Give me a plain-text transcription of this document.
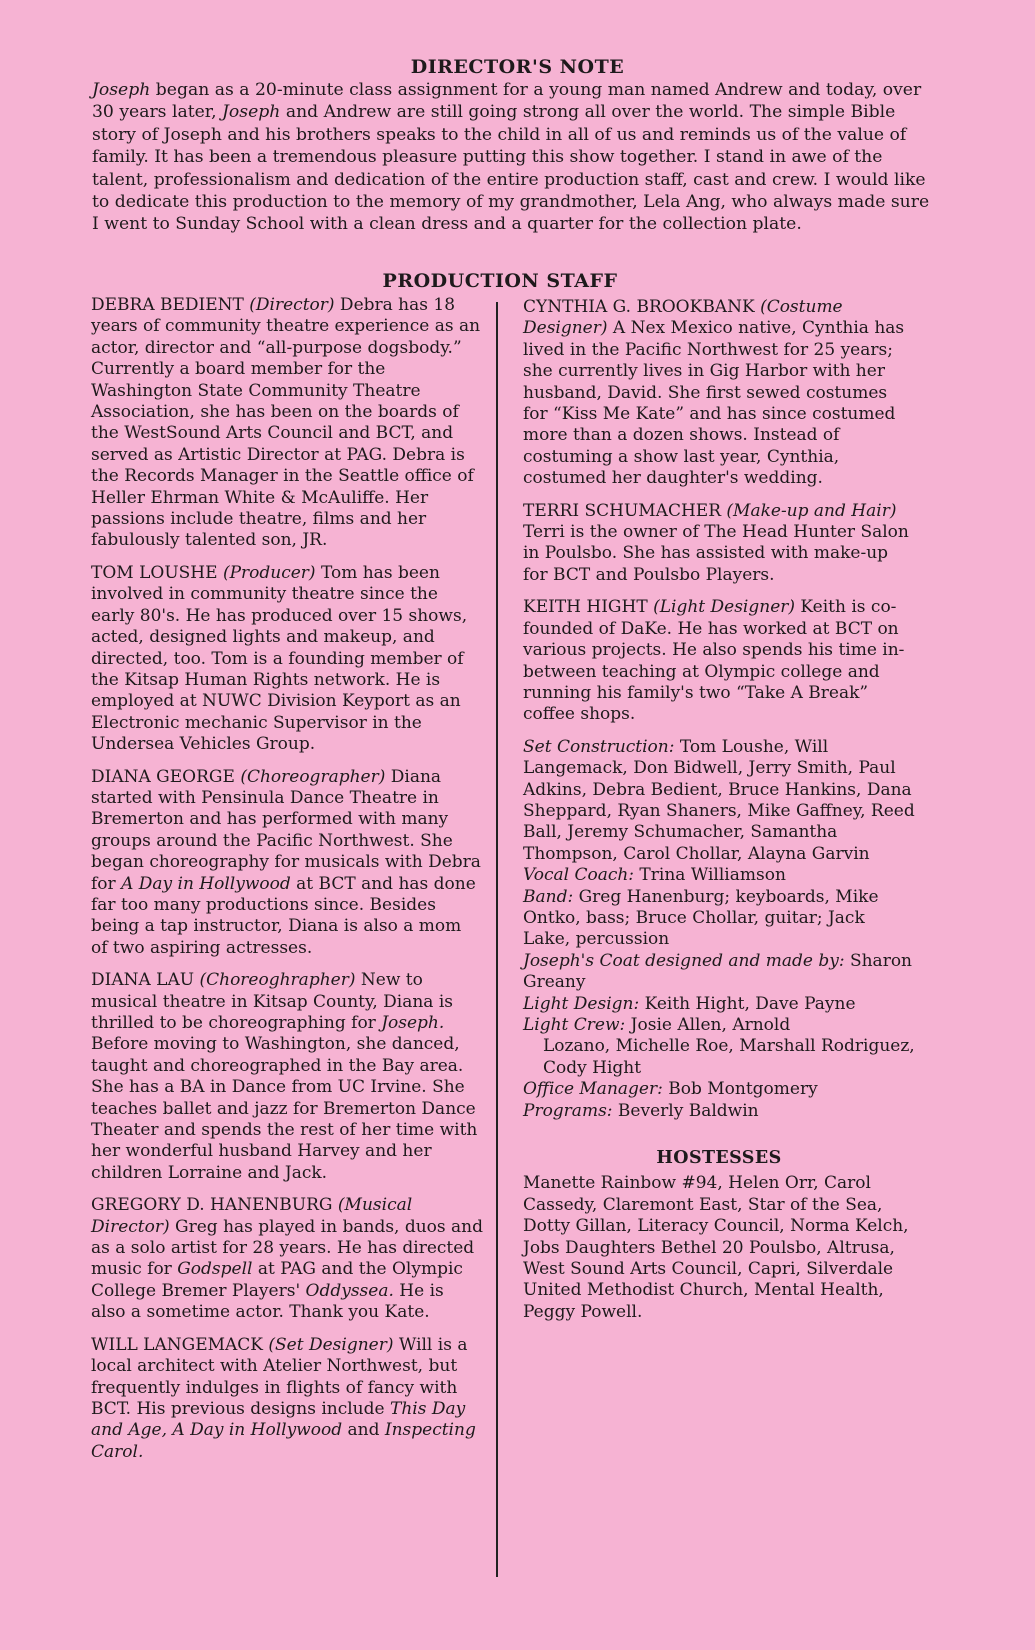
DIRECTOR'S NOTE

Joseph began as a 20-minute class assignment for a young man named Andrew and today, over 30 years later, Joseph and Andrew are still going strong all over the world. The simple Bible story of Joseph and his brothers speaks to the child in all of us and reminds us of the value of family. It has been a tremendous pleasure putting this show together. I stand in awe of the talent, professionalism and dedication of the entire production staff, cast and crew. I would like to dedicate this production to the memory of my grandmother, Lela Ang, who always made sure I went to Sunday School with a clean dress and a quarter for the collection plate.

PRODUCTION STAFF

DEBRA BEDIENT (Director) Debra has 18 years of community theatre experience as an actor, director and “all-purpose dogsbody.” Currently a board member for the Washington State Community Theatre Association, she has been on the boards of the WestSound Arts Council and BCT, and served as Artistic Director at PAG. Debra is the Records Manager in the Seattle office of Heller Ehrman White & McAuliffe. Her passions include theatre, films and her fabulously talented son, JR.

TOM LOUSHE (Producer) Tom has been involved in community theatre since the early 80's. He has produced over 15 shows, acted, designed lights and makeup, and directed, too. Tom is a founding member of the Kitsap Human Rights network. He is employed at NUWC Division Keyport as an Electronic mechanic Supervisor in the Undersea Vehicles Group.

DIANA GEORGE (Choreographer) Diana started with Pensinula Dance Theatre in Bremerton and has performed with many groups around the Pacific Northwest. She began choreography for musicals with Debra for A Day in Hollywood at BCT and has done far too many productions since. Besides being a tap instructor, Diana is also a mom of two aspiring actresses.

DIANA LAU (Choreoghrapher) New to musical theatre in Kitsap County, Diana is thrilled to be choreographing for Joseph. Before moving to Washington, she danced, taught and choreographed in the Bay area. She has a BA in Dance from UC Irvine. She teaches ballet and jazz for Bremerton Dance Theater and spends the rest of her time with her wonderful husband Harvey and her children Lorraine and Jack.

GREGORY D. HANENBURG (Musical Director) Greg has played in bands, duos and as a solo artist for 28 years. He has directed music for Godspell at PAG and the Olympic College Bremer Players' Oddyssea. He is also a sometime actor. Thank you Kate.

WILL LANGEMACK (Set Designer) Will is a local architect with Atelier Northwest, but frequently indulges in flights of fancy with BCT. His previous designs include This Day and Age, A Day in Hollywood and Inspecting Carol.

CYNTHIA G. BROOKBANK (Costume Designer) A Nex Mexico native, Cynthia has lived in the Pacific Northwest for 25 years; she currently lives in Gig Harbor with her husband, David. She first sewed costumes for “Kiss Me Kate” and has since costumed more than a dozen shows. Instead of costuming a show last year, Cynthia, costumed her daughter's wedding.

TERRI SCHUMACHER (Make-up and Hair) Terri is the owner of The Head Hunter Salon in Poulsbo. She has assisted with make-up for BCT and Poulsbo Players.

KEITH HIGHT (Light Designer) Keith is co-founded of DaKe. He has worked at BCT on various projects. He also spends his time in-between teaching at Olympic college and running his family's two “Take A Break” coffee shops.

Set Construction: Tom Loushe, Will Langemack, Don Bidwell, Jerry Smith, Paul Adkins, Debra Bedient, Bruce Hankins, Dana Sheppard, Ryan Shaners, Mike Gaffney, Reed Ball, Jeremy Schumacher, Samantha Thompson, Carol Chollar, Alayna Garvin

Vocal Coach: Trina Williamson

Band: Greg Hanenburg; keyboards, Mike Ontko, bass; Bruce Chollar, guitar; Jack Lake, percussion

Joseph's Coat designed and made by: Sharon Greany

Light Design: Keith Hight, Dave Payne

Light Crew: Josie Allen, Arnold

Lozano, Michelle Roe, Marshall Rodriguez, Cody Hight

Office Manager: Bob Montgomery

Programs: Beverly Baldwin

HOSTESSES

Manette Rainbow #94, Helen Orr, Carol Cassedy, Claremont East, Star of the Sea, Dotty Gillan, Literacy Council, Norma Kelch, Jobs Daughters Bethel 20 Poulsbo, Altrusa, West Sound Arts Council, Capri, Silverdale United Methodist Church, Mental Health, Peggy Powell.
